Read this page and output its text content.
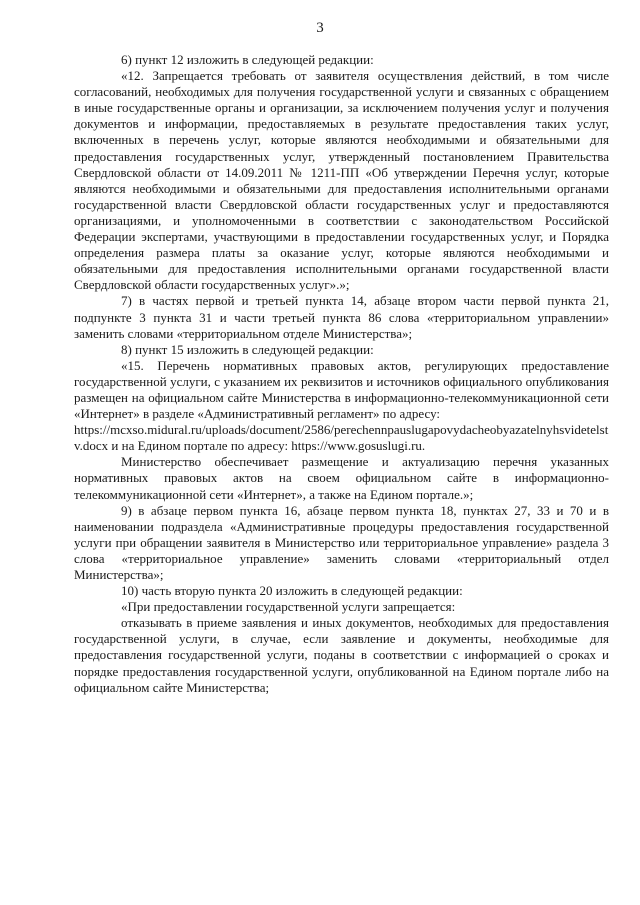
3

6) пункт 12 изложить в следующей редакции:

«12. Запрещается требовать от заявителя осуществления действий, в том числе согласований, необходимых для получения государственной услуги и связанных с обращением в иные государственные органы и организации, за исключением получения услуг и получения документов и информации, предоставляемых в результате предоставления таких услуг, включенных в перечень услуг, которые являются необходимыми и обязательными для предоставления государственных услуг, утвержденный постановлением Правительства Свердловской области от 14.09.2011 № 1211-ПП «Об утверждении Перечня услуг, которые являются необходимыми и обязательными для предоставления исполнительными органами государственной власти Свердловской области государственных услуг и предоставляются организациями, и уполномоченными в соответствии с законодательством Российской Федерации экспертами, участвующими в предоставлении государственных услуг, и Порядка определения размера платы за оказание услуг, которые являются необходимыми и обязательными для предоставления исполнительными органами государственной власти Свердловской области государственных услуг».»;

7) в частях первой и третьей пункта 14, абзаце втором части первой пункта 21, подпункте 3 пункта 31 и части третьей пункта 86 слова «территориальном управлении» заменить словами «территориальном отделе Министерства»;

8) пункт 15 изложить в следующей редакции:

«15. Перечень нормативных правовых актов, регулирующих предоставление государственной услуги, с указанием их реквизитов и источников официального опубликования размещен на официальном сайте Министерства в информационно-телекоммуникационной сети «Интернет» в разделе «Административный регламент» по адресу:

https://mcxso.midural.ru/uploads/document/2586/perechennpauslugapovydacheobyazatelnyhsvidetelstv.docx и на Едином портале по адресу: https://www.gosuslugi.ru.

Министерство обеспечивает размещение и актуализацию перечня указанных нормативных правовых актов на своем официальном сайте в информационно-телекоммуникационной сети «Интернет», а также на Едином портале.»;

9) в абзаце первом пункта 16, абзаце первом пункта 18, пунктах 27, 33 и 70 и в наименовании подраздела «Административные процедуры предоставления государственной услуги при обращении заявителя в Министерство или территориальное управление» раздела 3 слова «территориальное управление» заменить словами «территориальный отдел Министерства»;

10) часть вторую пункта 20 изложить в следующей редакции:

«При предоставлении государственной услуги запрещается:

отказывать в приеме заявления и иных документов, необходимых для предоставления государственной услуги, в случае, если заявление и документы, необходимые для предоставления государственной услуги, поданы в соответствии с информацией о сроках и порядке предоставления государственной услуги, опубликованной на Едином портале либо на официальном сайте Министерства;
